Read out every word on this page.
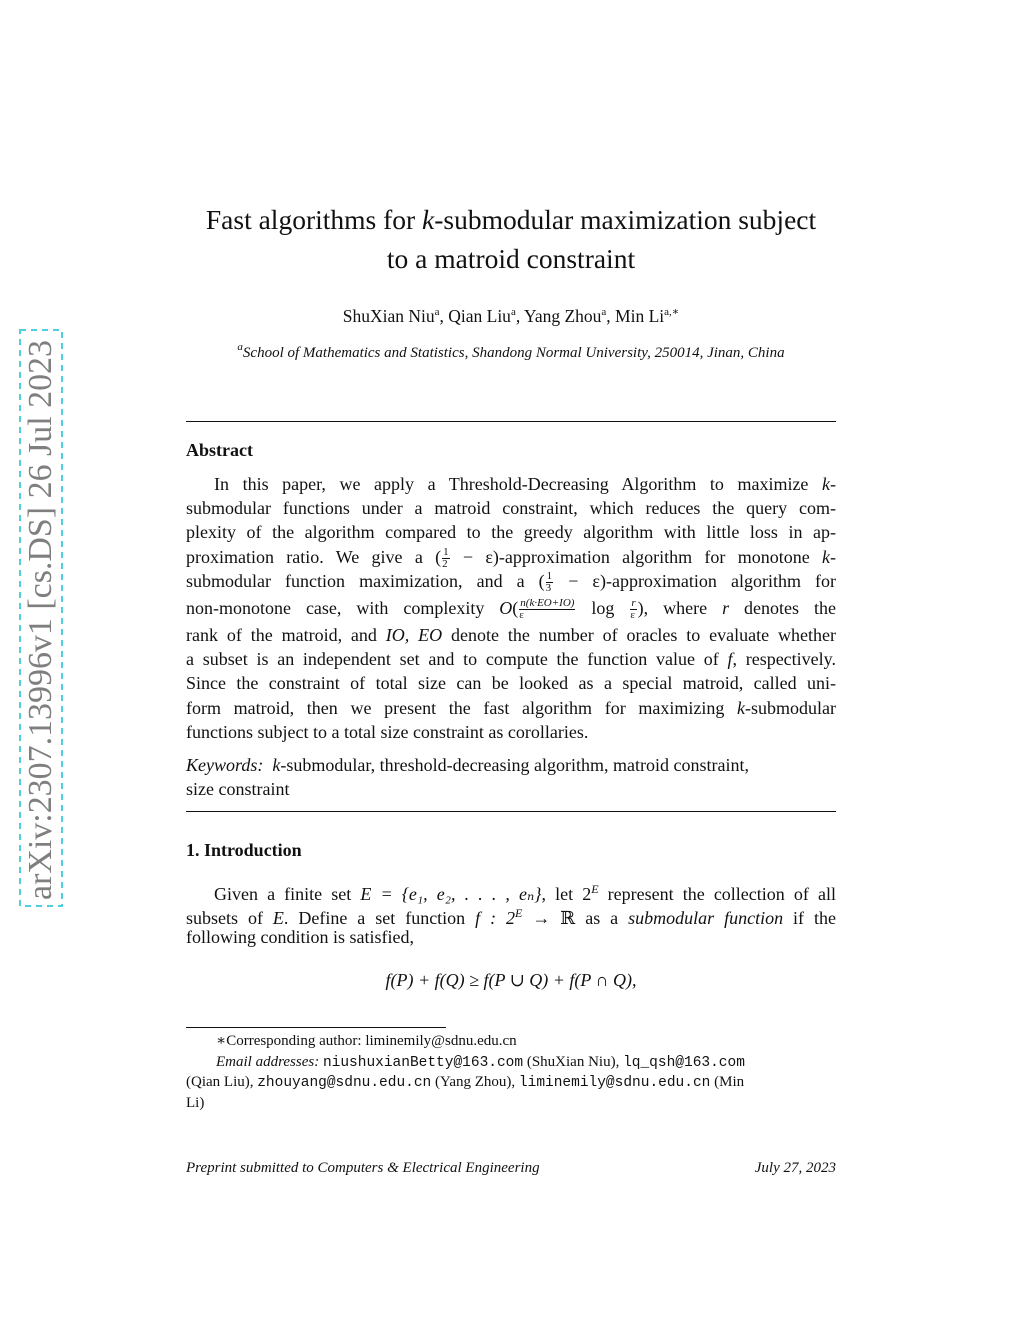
arXiv:2307.13996v1 [cs.DS] 26 Jul 2023
Fast algorithms for k-submodular maximization subject
to a matroid constraint
ShuXian Niu$^a$, Qian Liu$^a$, Yang Zhou$^a$, Min $Li^{a,∗}$
$^a$School of Mathematics and Statistics, Shandong Normal University, 250014, Jinan, China
Abstract
In this paper, we apply a Threshold-Decreasing Algorithm to maximize k-
submodular functions under a matroid constraint, which reduces the query com-
plexity of the algorithm compared to the greedy algorithm with little loss in ap-
proximation ratio. We give a ( $\frac{1}{2}$ − ε)-approximation algorithm for monotone k-
submodular function maximization, and a ( $\frac{1}{3}$ − ε)-approximation algorithm for
non-monotone case, with complexity $O( \frac{n(k\cdot EO+IO)}{\varepsilon}$ $\log \frac{r}{\varepsilon}$ ), where r denotes the
rank of the matroid, and IO, EO denote the number of oracles to evaluate whether
a subset is an independent set and to compute the function value of f, respectively.
Since the constraint of total size can be looked as a special matroid, called uni-
form matroid, then we present the fast algorithm for maximizing k-submodular
functions subject to a total size constraint as corollaries.
Keywords: k-submodular, threshold-decreasing algorithm, matroid constraint,
size constraint
1. Introduction
Given a finite set E = {e₁, e₂, . . . , eₙ}, let $2^E$ represent the collection of all
subsets of E. Define a set function f : $2^E$ → ℝ as a submodular function if the
following condition is satisfied,
f(P) + f(Q) ≥ f(P ∪ Q) + f(P ∩ Q),
∗Corresponding author: liminemily@sdnu.edu.cn
Email addresses: niushuxianBetty@163.com (ShuXian Niu), lq_qsh@163.com
(Qian Liu), zhouyang@sdnu.edu.cn (Yang Zhou), liminemily@sdnu.edu.cn (Min
Li)
Preprint submitted to Computers & Electrical Engineering	July 27, 2023
